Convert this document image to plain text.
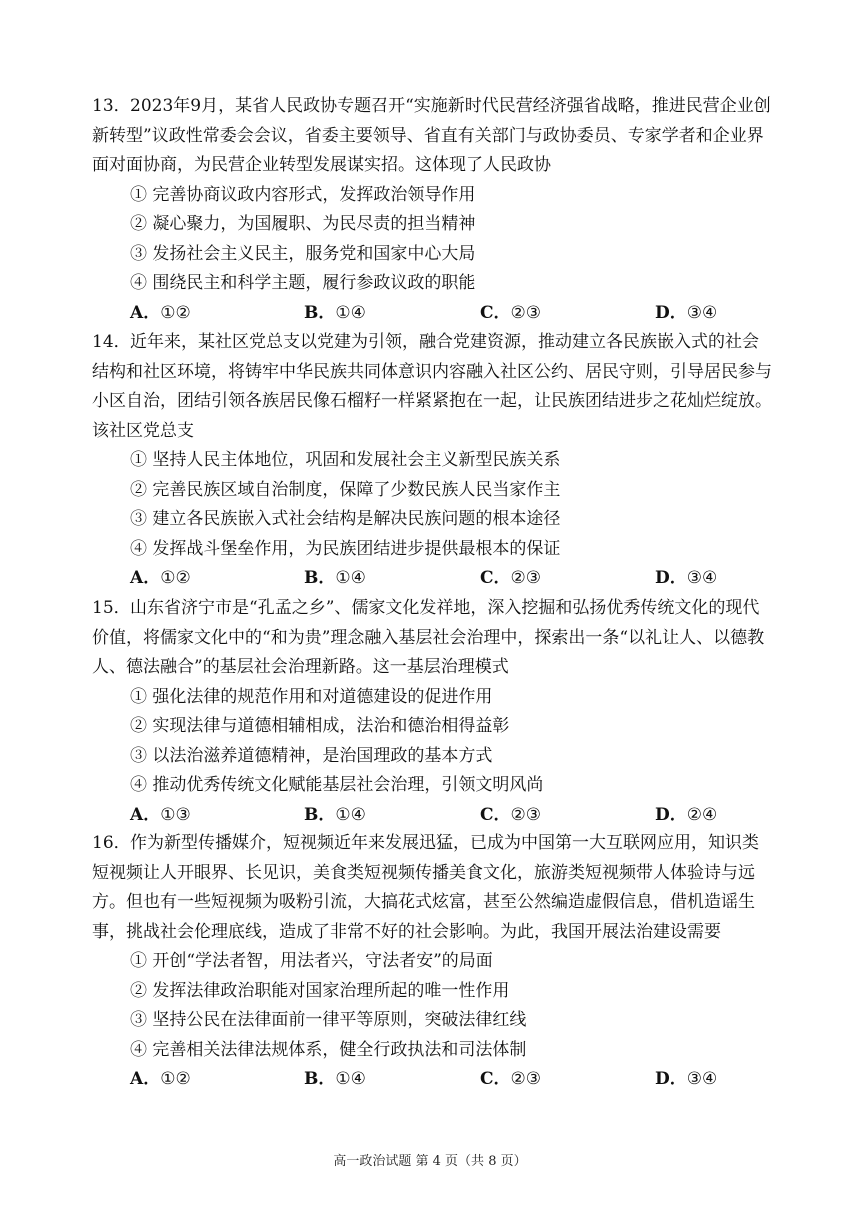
13．2023年9月，某省人民政协专题召开“实施新时代民营经济强省战略，推进民营企业创新转型”议政性常委会会议，省委主要领导、省直有关部门与政协委员、专家学者和企业界面对面协商，为民营企业转型发展谋实招。这体现了人民政协
① 完善协商议政内容形式，发挥政治领导作用
② 凝心聚力，为国履职、为民尽责的担当精神
③ 发扬社会主义民主，服务党和国家中心大局
④ 围绕民主和科学主题，履行参政议政的职能
A．①②	B．①④	C．②③	D．③④
14．近年来，某社区党总支以党建为引领，融合党建资源，推动建立各民族嵌入式的社会结构和社区环境，将铸牢中华民族共同体意识内容融入社区公约、居民守则，引导居民参与小区自治，团结引领各族居民像石榴籽一样紧紧抱在一起，让民族团结进步之花灿烂绽放。该社区党总支
① 坚持人民主体地位，巩固和发展社会主义新型民族关系
② 完善民族区域自治制度，保障了少数民族人民当家作主
③ 建立各民族嵌入式社会结构是解决民族问题的根本途径
④ 发挥战斗堡垒作用，为民族团结进步提供最根本的保证
A．①②	B．①④	C．②③	D．③④
15．山东省济宁市是“孔孟之乡”、儒家文化发祥地，深入挖掘和弘扬优秀传统文化的现代价值，将儒家文化中的“和为贵”理念融入基层社会治理中，探索出一条“以礼让人、以德教人、德法融合”的基层社会治理新路。这一基层治理模式
① 强化法律的规范作用和对道德建设的促进作用
② 实现法律与道德相辅相成，法治和德治相得益彰
③ 以法治滋养道德精神，是治国理政的基本方式
④ 推动优秀传统文化赋能基层社会治理，引领文明风尚
A．①③	B．①④	C．②③	D．②④
16．作为新型传播媒介，短视频近年来发展迅猛，已成为中国第一大互联网应用，知识类短视频让人开眼界、长见识，美食类短视频传播美食文化，旅游类短视频带人体验诗与远方。但也有一些短视频为吸粉引流，大搞花式炫富，甚至公然编造虚假信息，借机造谣生事，挑战社会伦理底线，造成了非常不好的社会影响。为此，我国开展法治建设需要
① 开创“学法者智，用法者兴，守法者安”的局面
② 发挥法律政治职能对国家治理所起的唯一性作用
③ 坚持公民在法律面前一律平等原则，突破法律红线
④ 完善相关法律法规体系，健全行政执法和司法体制
A．①②	B．①④	C．②③	D．③④
高一政治试题 第 4 页（共 8 页）
